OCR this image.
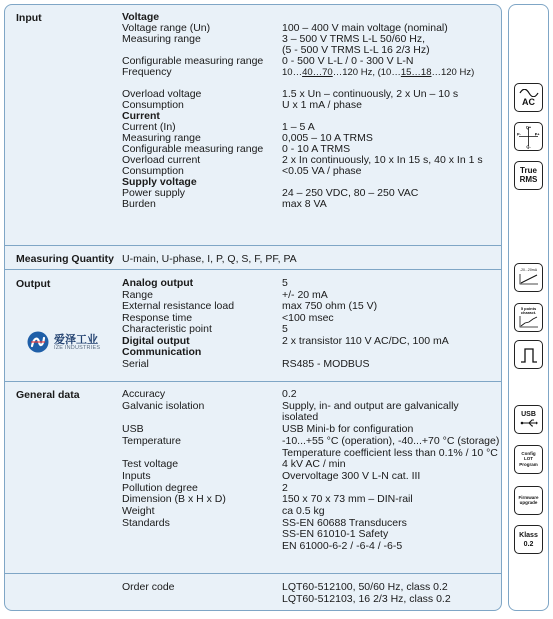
Input	Voltage
Voltage range (Un)	100 – 400 V main voltage (nominal)
Measuring range	3 – 500 V TRMS L-L 50/60 Hz,
(5 - 500 V TRMS L-L 16 2/3 Hz)
Configurable measuring range 0 - 500 V L-L / 0 - 300 V L-N
Frequency	10…40…70…120 Hz, (10…15…18…120 Hz)
Overload voltage	1.5 x Un – continuously, 2 x Un – 10 s
Consumption	U x 1 mA / phase
Current
Current (In)	1 – 5 A
Measuring range	0,005 – 10 A TRMS
Configurable measuring range 0 - 10 A TRMS
Overload current	2 x In continuously, 10 x In 15 s, 40 x In 1 s
Consumption	<0.05 VA / phase
Supply voltage
Power supply	24 – 250 VDC, 80 – 250 VAC
Burden	max 8 VA
Measuring Quantity U-main, U-phase, I, P, Q, S, F, PF, PA
Output
爱泽工业
IZE INDUSTRIES
Analog output	5
Range	+/- 20 mA
External resistance load	max 750 ohm (15 V)
Response time	<100 msec
Characteristic point	5
Digital output	2 x transistor 110 V AC/DC, 100 mA
Communication
Serial	RS485 - MODBUS
General data	Accuracy	0.2
Galvanic isolation	Supply, in- and output are galvanically
isolated
USB	USB Mini-b for configuration
Temperature	-10...+55 °C (operation), -40...+70 °C (storage)
Temperature coefficient less than 0.1% / 10 °C
Test voltage	4 kV AC / min
Inputs	Overvoltage 300 V L-N cat. III
Pollution degree	2
Dimension (B x H x D)	150 x 70 x 73 mm – DIN-rail
Weight	ca 0.5 kg
Standards	SS-EN 60688 Transducers
SS-EN 61010-1 Safety
EN 61000-6-2 / -6-4 / -6-5
Order code	LQT60-512100, 50/60 Hz, class 0.2
LQT60-512103, 16 2/3 Hz, class 0.2
AC
Q+
P+
Q-
P-
True
RMS
-20...20mA
5 points
charact.
USB
Config
LOT
Program
Firmware
upgrade
Klass
0.2
